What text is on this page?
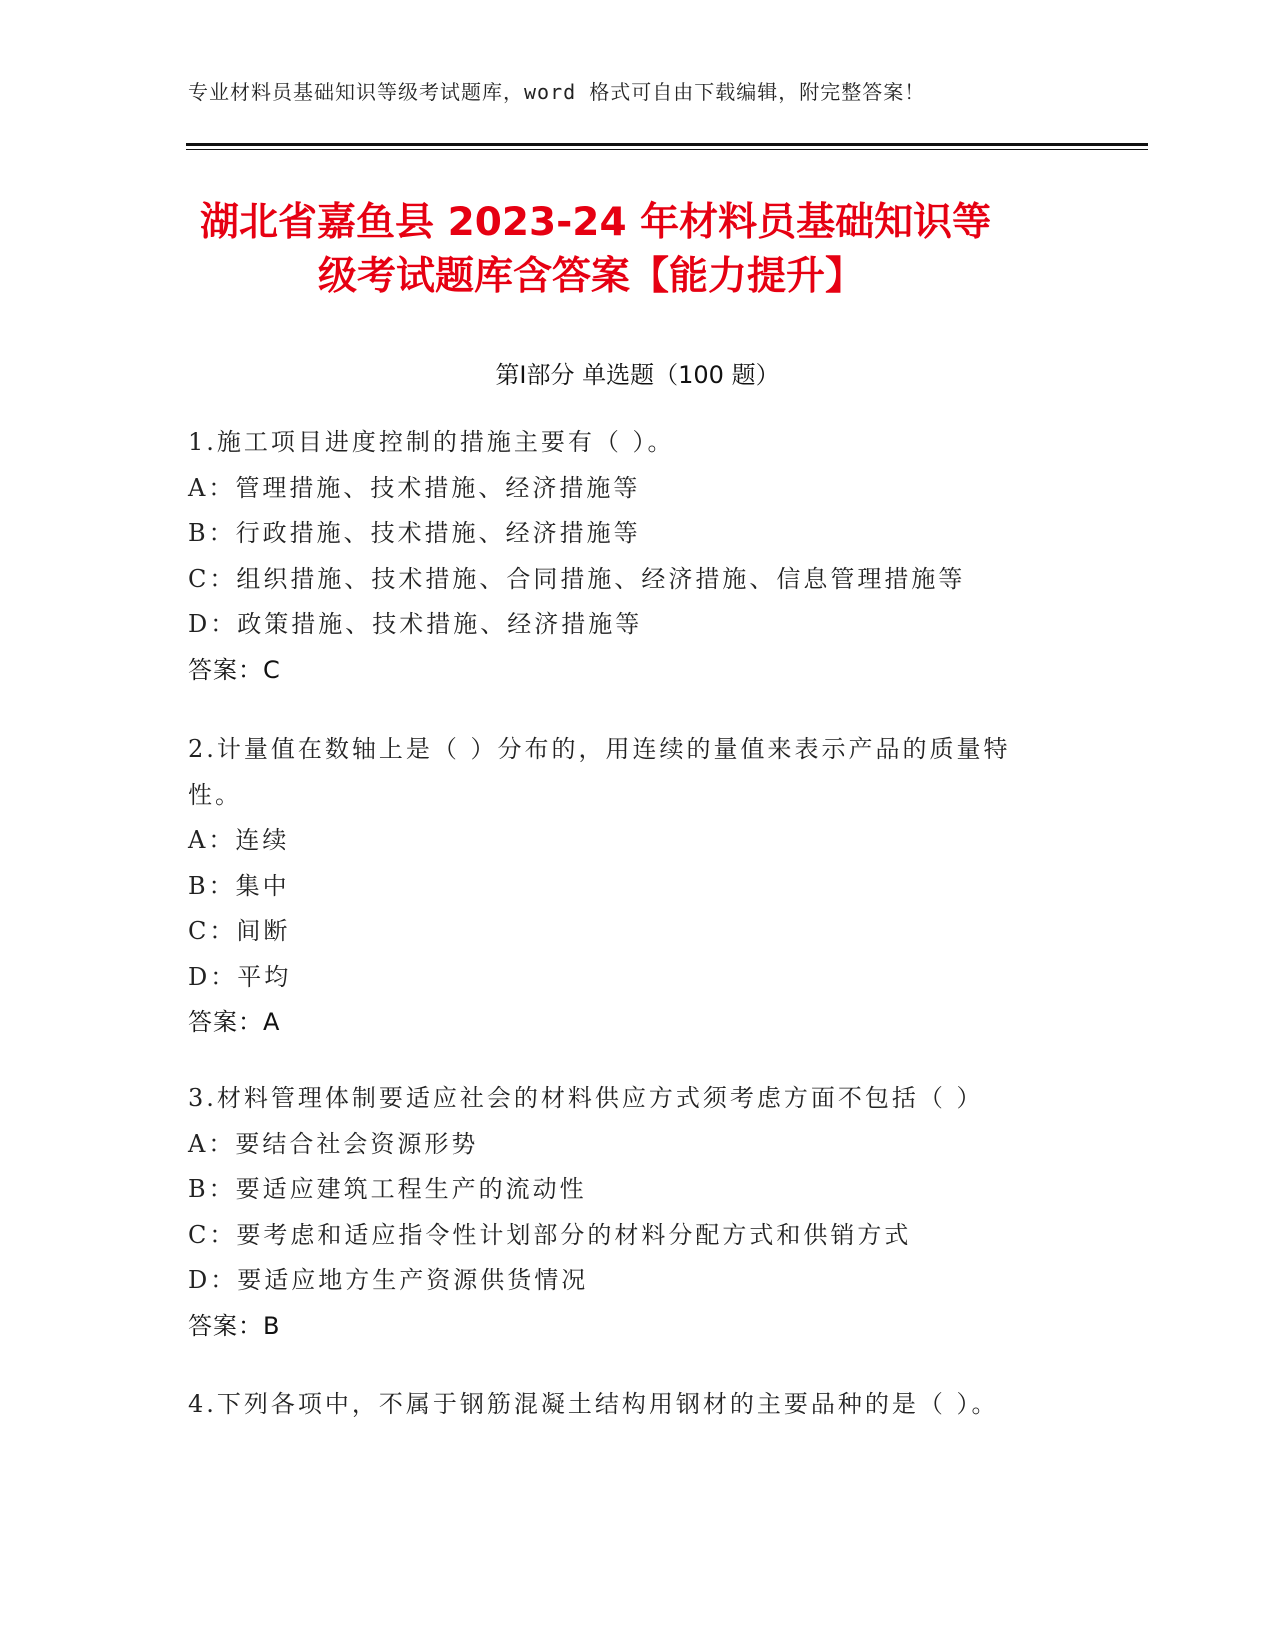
专业材料员基础知识等级考试题库，word 格式可自由下载编辑，附完整答案！
湖北省嘉鱼县 2023-24 年材料员基础知识等
级考试题库含答案【能力提升】
第Ⅰ部分 单选题（100 题）
1.施工项目进度控制的措施主要有（ ）。
A：管理措施、技术措施、经济措施等
B：行政措施、技术措施、经济措施等
C：组织措施、技术措施、合同措施、经济措施、信息管理措施等
D：政策措施、技术措施、经济措施等
答案：C
2.计量值在数轴上是（ ）分布的，用连续的量值来表示产品的质量特
性。
A：连续
B：集中
C：间断
D：平均
答案：A
3.材料管理体制要适应社会的材料供应方式须考虑方面不包括（ ）
A：要结合社会资源形势
B：要适应建筑工程生产的流动性
C：要考虑和适应指令性计划部分的材料分配方式和供销方式
D：要适应地方生产资源供货情况
答案：B
4.下列各项中，不属于钢筋混凝土结构用钢材的主要品种的是（ ）。
